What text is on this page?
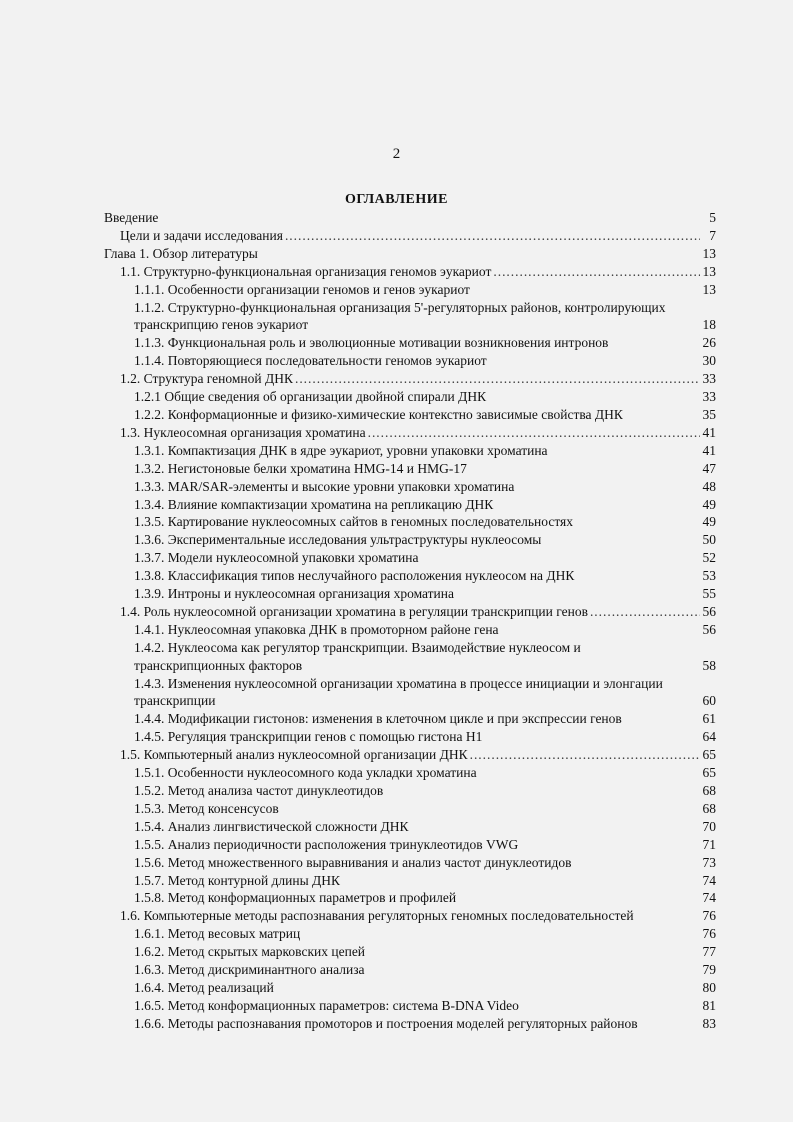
2
ОГЛАВЛЕНИЕ
Введение	5
Цели и задачи исследования . . .	7
Глава 1. Обзор литературы	13
1.1. Структурно-функциональная организация геномов эукариот . . .	13
1.1.1. Особенности организации геномов и генов эукариот	13
1.1.2. Структурно-функциональная организация 5'-регуляторных районов, контролирующих транскрипцию генов эукариот	18
1.1.3. Функциональная роль и эволюционные мотивации возникновения интронов	26
1.1.4. Повторяющиеся последовательности геномов эукариот	30
1.2. Структура геномной ДНК . . .	33
1.2.1 Общие сведения об организации двойной спирали ДНК	33
1.2.2. Конформационные и физико-химические контекстно зависимые свойства ДНК	35
1.3. Нуклеосомная организация хроматина . . .	41
1.3.1. Компактизация ДНК в ядре эукариот, уровни упаковки хроматина	41
1.3.2. Негистоновые белки хроматина HMG-14 и HMG-17	47
1.3.3. MAR/SAR-элементы и высокие уровни упаковки хроматина	48
1.3.4. Влияние компактизации хроматина на репликацию ДНК	49
1.3.5. Картирование нуклеосомных сайтов в геномных последовательностях	49
1.3.6. Экспериментальные исследования ультраструктуры нуклеосомы	50
1.3.7. Модели нуклеосомной упаковки хроматина	52
1.3.8. Классификация типов неслучайного расположения нуклеосом на ДНК	53
1.3.9. Интроны и нуклеосомная организация хроматина	55
1.4. Роль нуклеосомной организации хроматина в регуляции транскрипции генов . . .	56
1.4.1. Нуклеосомная упаковка ДНК в промоторном районе гена	56
1.4.2. Нуклеосома как регулятор транскрипции. Взаимодействие нуклеосом и транскрипционных факторов	58
1.4.3. Изменения нуклеосомной организации хроматина в процессе инициации и элонгации транскрипции	60
1.4.4. Модификации гистонов: изменения в клеточном цикле и при экспрессии генов	61
1.4.5. Регуляция транскрипции генов с помощью гистона H1	64
1.5. Компьютерный анализ нуклеосомной организации ДНК . . .	65
1.5.1. Особенности нуклеосомного кода укладки хроматина	65
1.5.2. Метод анализа частот динуклеотидов	68
1.5.3. Метод консенсусов	68
1.5.4. Анализ лингвистической сложности ДНК	70
1.5.5. Анализ периодичности расположения тринуклеотидов VWG	71
1.5.6. Метод множественного выравнивания и анализ частот динуклеотидов	73
1.5.7. Метод контурной длины ДНК	74
1.5.8. Метод конформационных параметров и профилей	74
1.6. Компьютерные методы распознавания регуляторных геномных последовательностей	76
1.6.1. Метод весовых матриц	76
1.6.2. Метод скрытых марковских цепей	77
1.6.3. Метод дискриминантного анализа	79
1.6.4. Метод реализаций	80
1.6.5. Метод конформационных параметров: система B-DNA Video	81
1.6.6. Методы распознавания промоторов и построения моделей регуляторных районов	83
